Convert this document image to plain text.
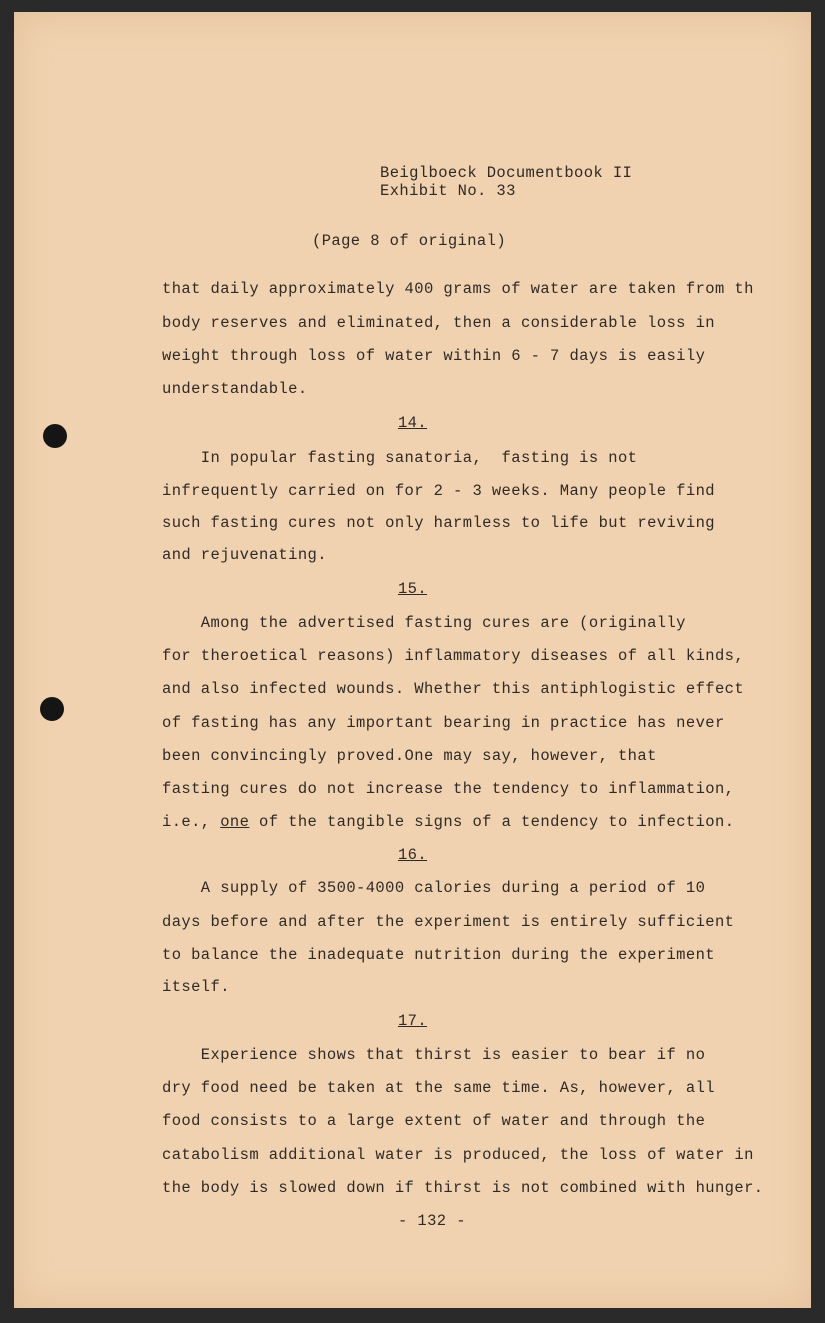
Beiglboeck Documentbook II
Exhibit No. 33
(Page 8 of original)
that daily approximately 400 grams of water are taken from th
body reserves and eliminated, then a considerable loss in
weight through loss of water within 6 - 7 days is easily
understandable.
14.
In popular fasting sanatoria,  fasting is not
infrequently carried on for 2 - 3 weeks. Many people find
such fasting cures not only harmless to life but reviving
and rejuvenating.
15.
Among the advertised fasting cures are (originally
for theroetical reasons) inflammatory diseases of all kinds,
and also infected wounds. Whether this antiphlogistic effect
of fasting has any important bearing in practice has never
been convincingly proved.One may say, however, that
fasting cures do not increase the tendency to inflammation,
i.e., one of the tangible signs of a tendency to infection.
16.
A supply of 3500-4000 calories during a period of 10
days before and after the experiment is entirely sufficient
to balance the inadequate nutrition during the experiment
itself.
17.
Experience shows that thirst is easier to bear if no
dry food need be taken at the same time. As, however, all
food consists to a large extent of water and through the
catabolism additional water is produced, the loss of water in
the body is slowed down if thirst is not combined with hunger.
- 132 -
